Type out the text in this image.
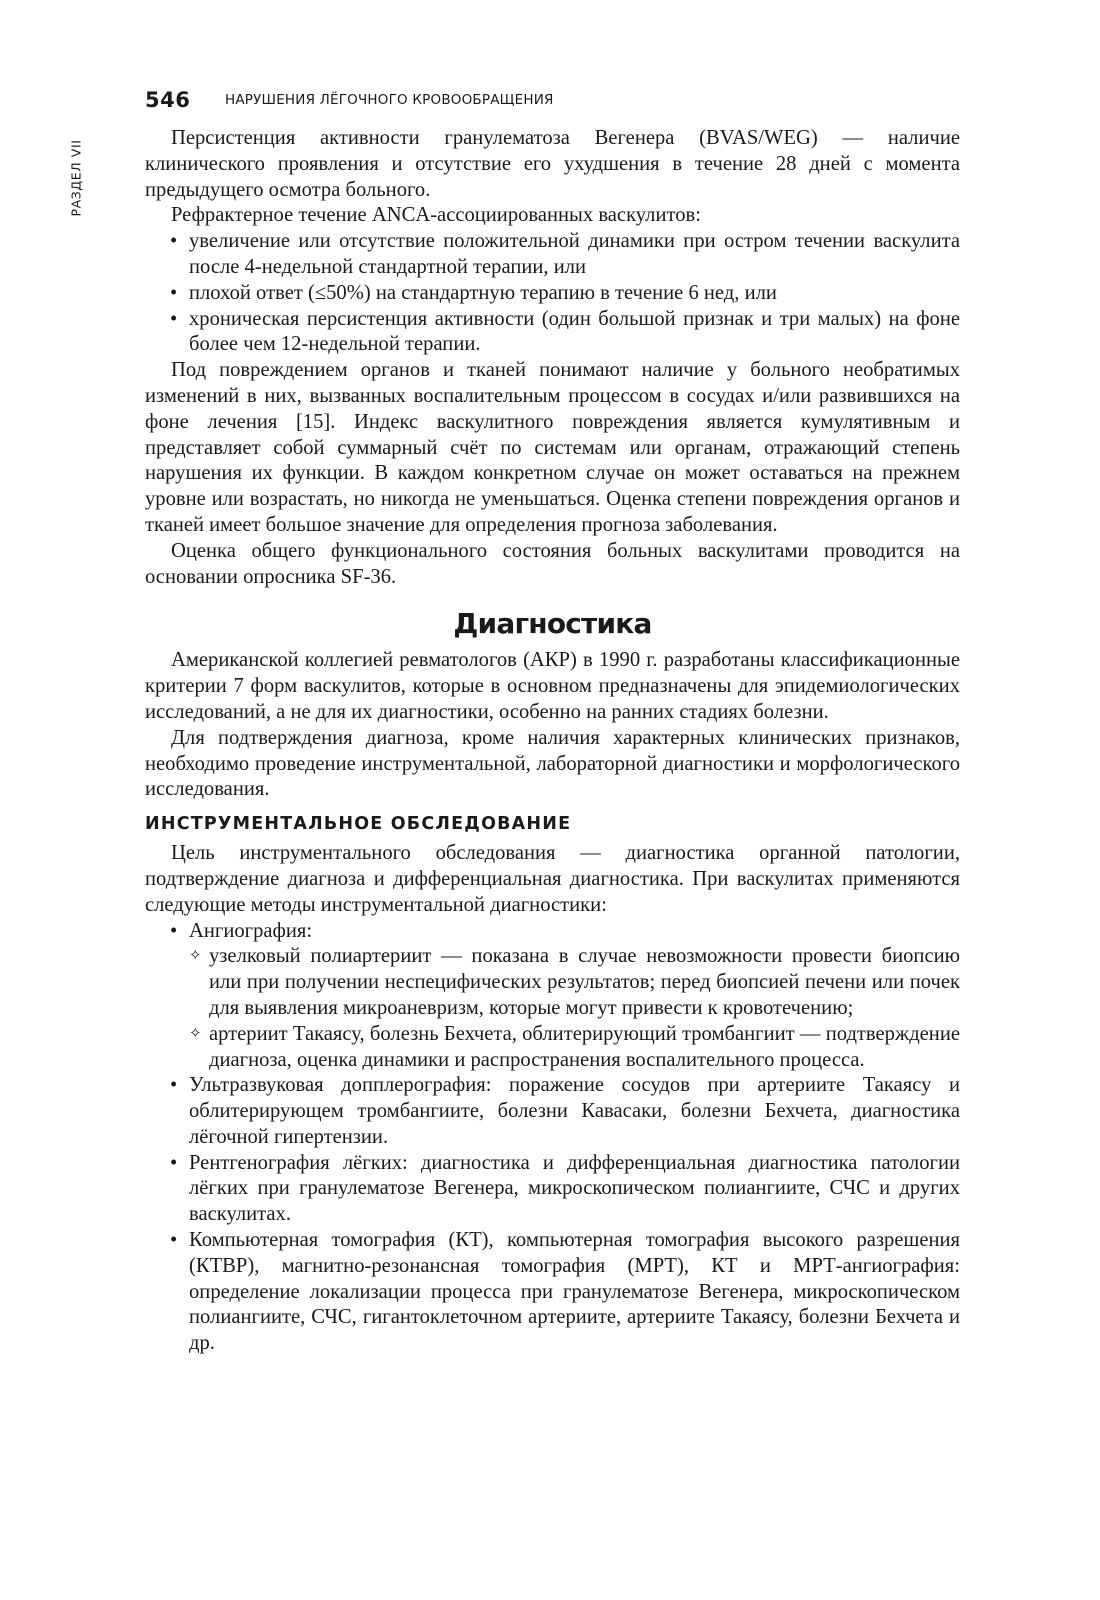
546	НАРУШЕНИЯ ЛЁГОЧНОГО КРОВООБРАЩЕНИЯ
РАЗДЕЛ VII

Персистенция активности гранулематоза Вегенера (BVAS/WEG) — наличие клинического проявления и отсутствие его ухудшения в течение 28 дней с момента предыдущего осмотра больного.

Рефрактерное течение ANCA-ассоциированных васкулитов:

• увеличение или отсутствие положительной динамики при остром течении васкулита после 4-недельной стандартной терапии, или
• плохой ответ (≤50%) на стандартную терапию в течение 6 нед, или
• хроническая персистенция активности (один большой признак и три малых) на фоне более чем 12-недельной терапии.

Под повреждением органов и тканей понимают наличие у больного необратимых изменений в них, вызванных воспалительным процессом в сосудах и/или развившихся на фоне лечения [15]. Индекс васкулитного повреждения является кумулятивным и представляет собой суммарный счёт по системам или органам, отражающий степень нарушения их функции. В каждом конкретном случае он может оставаться на прежнем уровне или возрастать, но никогда не уменьшаться. Оценка степени повреждения органов и тканей имеет большое значение для определения прогноза заболевания.

Оценка общего функционального состояния больных васкулитами проводится на основании опросника SF-36.

Диагностика

Американской коллегией ревматологов (АКР) в 1990 г. разработаны классификационные критерии 7 форм васкулитов, которые в основном предназначены для эпидемиологических исследований, а не для их диагностики, особенно на ранних стадиях болезни.

Для подтверждения диагноза, кроме наличия характерных клинических признаков, необходимо проведение инструментальной, лабораторной диагностики и морфологического исследования.

ИНСТРУМЕНТАЛЬНОЕ ОБСЛЕДОВАНИЕ

Цель инструментального обследования — диагностика органной патологии, подтверждение диагноза и дифференциальная диагностика. При васкулитах применяются следующие методы инструментальной диагностики:

• Ангиография:
✧ узелковый полиартериит — показана в случае невозможности провести биопсию или при получении неспецифических результатов; перед биопсией печени или почек для выявления микроаневризм, которые могут привести к кровотечению;
✧ артериит Такаясу, болезнь Бехчета, облитерирующий тромбангиит — подтверждение диагноза, оценка динамики и распространения воспалительного процесса.
• Ультразвуковая допплерография: поражение сосудов при артериите Такаясу и облитерирующем тромбангиите, болезни Кавасаки, болезни Бехчета, диагностика лёгочной гипертензии.
• Рентгенография лёгких: диагностика и дифференциальная диагностика патологии лёгких при гранулематозе Вегенера, микроскопическом полиангиите, СЧС и других васкулитах.
• Компьютерная томография (КТ), компьютерная томография высокого разрешения (КТВР), магнитно-резонансная томография (МРТ), КТ и МРТ-ангиография: определение локализации процесса при гранулематозе Вегенера, микроскопическом полиангиите, СЧС, гигантоклеточном артериите, артериите Такаясу, болезни Бехчета и др.
